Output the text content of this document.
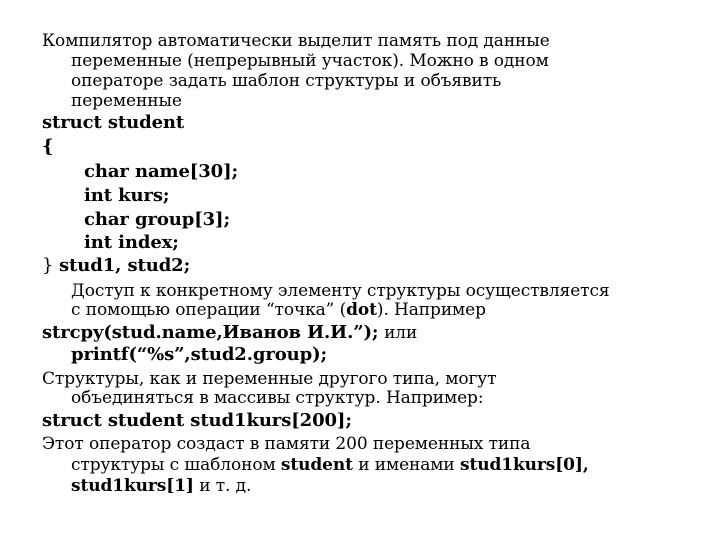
Компилятор автоматически выделит память под данные
переменные (непрерывный участок). Можно в одном
операторе задать шаблон структуры и объявить
переменные
struct student
{
char name[30];
int kurs;
char group[3];
int index;
} stud1, stud2;
Доступ к конкретному элементу структуры осуществляется
с помощью операции “точка” (dot). Например
strcpy(stud.name,Иванов И.И.”); или
printf(“%s”,stud2.group);
Структуры, как и переменные другого типа, могут
объединяться в массивы структур. Например:
struct student stud1kurs[200];
Этот оператор создаст в памяти 200 переменных типа
структуры с шаблоном student и именами stud1kurs[0],
stud1kurs[1] и т. д.
